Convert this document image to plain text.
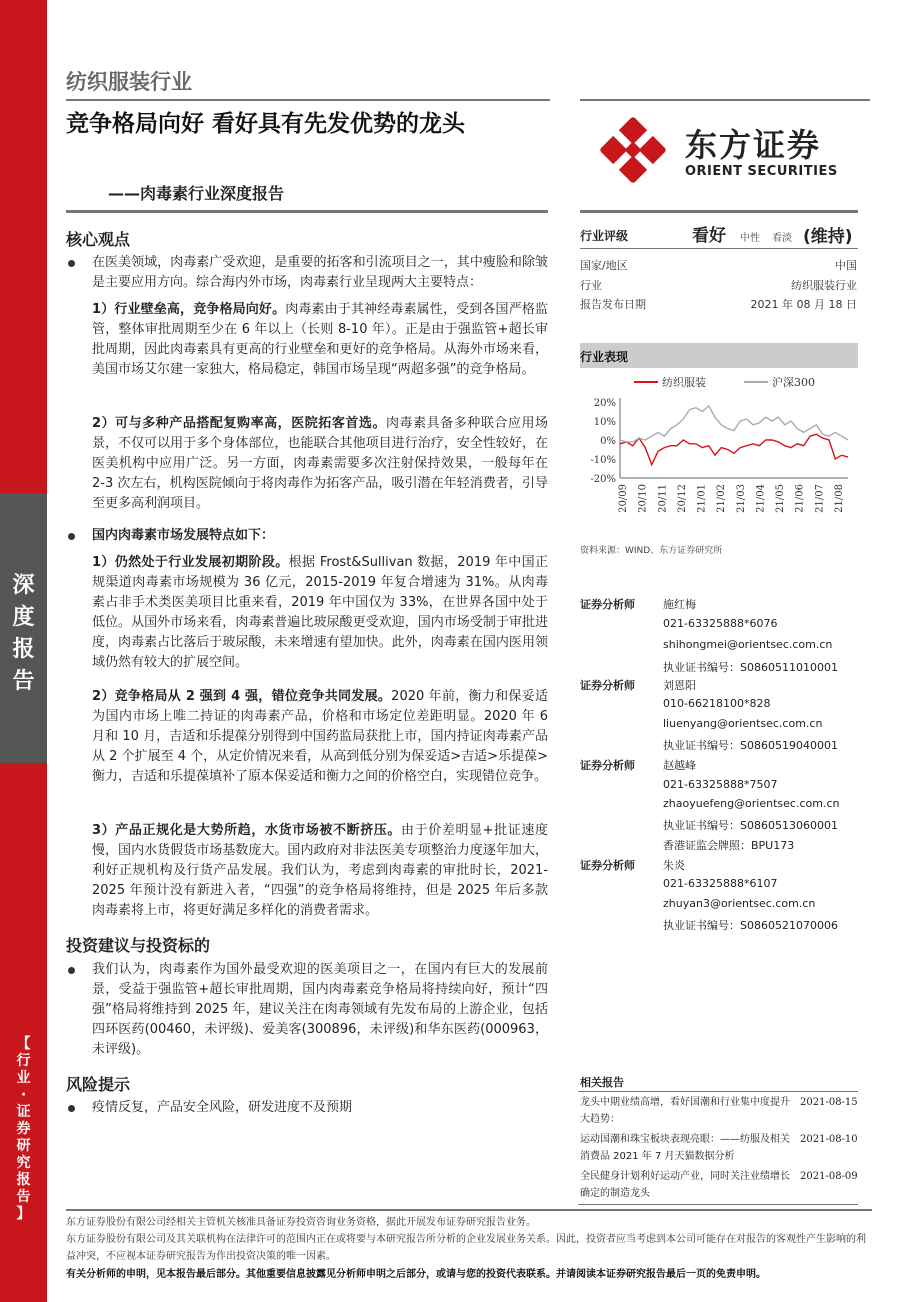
深
度
报
告
【
行
业
·
证
券
研
究
报
告
】
纺织服装行业
竞争格局向好 看好具有先发优势的龙头
——肉毒素行业深度报告
东方证券
ORIENT SECURITIES
行业评级	看好 中性 看淡 (维持)
国家/地区	中国
行业	纺织服装行业
报告发布日期	2021 年 08 月 18 日
行业表现
纺织服装	沪深300
20%
10%
0%
-10%
-20%
20/09 20/10 20/11 20/12 21/01 21/02 21/03 21/04 21/05 21/06 21/07 21/08
资料来源：WIND、东方证券研究所
核心观点
在医美领域，肉毒素广受欢迎，是重要的拓客和引流项目之一，其中瘦脸和除皱是主要应用方向。综合海内外市场，肉毒素行业呈现两大主要特点：
1）行业壁垒高，竞争格局向好。肉毒素由于其神经毒素属性，受到各国严格监管，整体审批周期至少在 6 年以上（长则 8-10 年）。正是由于强监管+超长审批周期，因此肉毒素具有更高的行业壁垒和更好的竞争格局。从海外市场来看，美国市场艾尔建一家独大，格局稳定，韩国市场呈现“两超多强”的竞争格局。
2）可与多种产品搭配复购率高，医院拓客首选。肉毒素具备多种联合应用场景，不仅可以用于多个身体部位，也能联合其他项目进行治疗，安全性较好，在医美机构中应用广泛。另一方面，肉毒素需要多次注射保持效果，一般每年在 2-3 次左右，机构医院倾向于将肉毒作为拓客产品，吸引潜在年轻消费者，引导至更多高利润项目。
国内肉毒素市场发展特点如下：
1）仍然处于行业发展初期阶段。根据 Frost&Sullivan 数据，2019 年中国正规渠道肉毒素市场规模为 36 亿元，2015-2019 年复合增速为 31%。从肉毒素占非手术类医美项目比重来看，2019 年中国仅为 33%，在世界各国中处于低位。从国外市场来看，肉毒素普遍比玻尿酸更受欢迎，国内市场受制于审批进度，肉毒素占比落后于玻尿酸，未来增速有望加快。此外，肉毒素在国内医用领域仍然有较大的扩展空间。
2）竞争格局从 2 强到 4 强，错位竞争共同发展。2020 年前，衡力和保妥适为国内市场上唯二持证的肉毒素产品，价格和市场定位差距明显。2020 年 6 月和 10 月，吉适和乐提葆分别得到中国药监局获批上市，国内持证肉毒素产品从 2 个扩展至 4 个，从定价情况来看，从高到低分别为保妥适>吉适>乐提葆>衡力，吉适和乐提葆填补了原本保妥适和衡力之间的价格空白，实现错位竞争。
3）产品正规化是大势所趋，水货市场被不断挤压。由于价差明显+批证速度慢，国内水货假货市场基数庞大。国内政府对非法医美专项整治力度逐年加大，利好正规机构及行货产品发展。我们认为，考虑到肉毒素的审批时长，2021-2025 年预计没有新进入者，“四强”的竞争格局将维持，但是 2025 年后多款肉毒素将上市，将更好满足多样化的消费者需求。
投资建议与投资标的
我们认为，肉毒素作为国外最受欢迎的医美项目之一，在国内有巨大的发展前景，受益于强监管+超长审批周期，国内肉毒素竞争格局将持续向好，预计“四强”格局将维持到 2025 年，建议关注在肉毒领域有先发布局的上游企业，包括四环医药(00460，未评级)、爱美客(300896，未评级)和华东医药(000963，未评级)。
风险提示
疫情反复，产品安全风险，研发进度不及预期
证券分析师	施红梅
021-63325888*6076
shihongmei@orientsec.com.cn
执业证书编号：S0860511010001
证券分析师	刘恩阳
010-66218100*828
liuenyang@orientsec.com.cn
执业证书编号：S0860519040001
证券分析师	赵越峰
021-63325888*7507
zhaoyuefeng@orientsec.com.cn
执业证书编号：S0860513060001
香港证监会牌照：BPU173
证券分析师	朱炎
021-63325888*6107
zhuyan3@orientsec.com.cn
执业证书编号：S0860521070006
相关报告
龙头中期业绩高增，看好国潮和行业集中度提升大趋势：
2021-08-15
运动国潮和珠宝板块表现亮眼：——纺服及相关消费品 2021 年 7 月天猫数据分析
2021-08-10
全民健身计划利好运动产业，同时关注业绩增长确定的制造龙头
2021-08-09
东方证券股份有限公司经相关主管机关核准具备证券投资咨询业务资格，据此开展发布证券研究报告业务。
东方证券股份有限公司及其关联机构在法律许可的范围内正在或将要与本研究报告所分析的企业发展业务关系。因此，投资者应当考虑到本公司可能存在对报告的客观性产生影响的利益冲突，不应视本证券研究报告为作出投资决策的唯一因素。
有关分析师的申明，见本报告最后部分。其他重要信息披露见分析师申明之后部分，或请与您的投资代表联系。并请阅读本证券研究报告最后一页的免责申明。
